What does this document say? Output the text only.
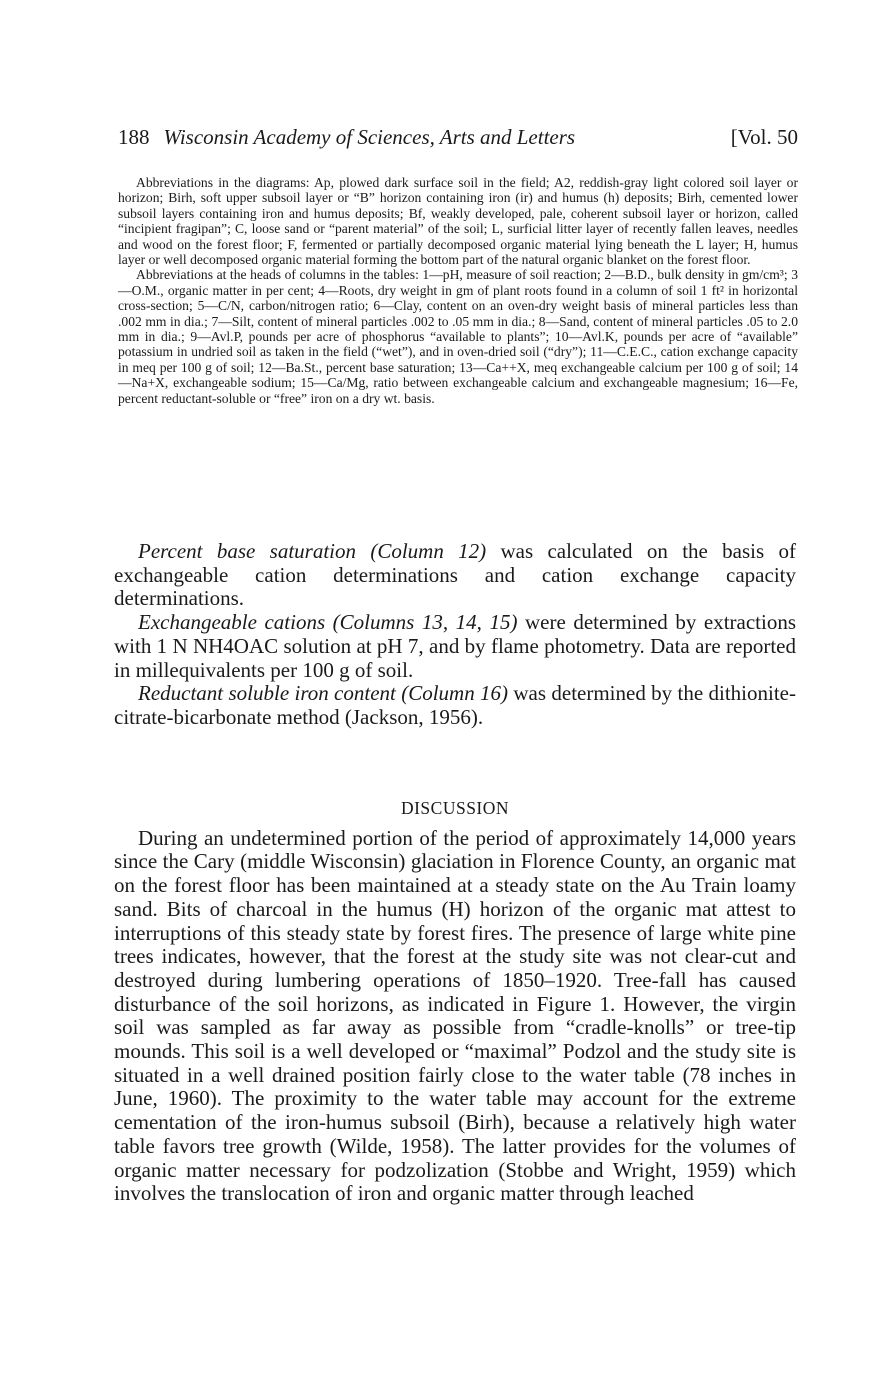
188 Wisconsin Academy of Sciences, Arts and Letters	[Vol. 50

Abbreviations in the diagrams: Ap, plowed dark surface soil in the field; A2, reddish-gray light colored soil layer or horizon; Birh, soft upper subsoil layer or “B” horizon containing iron (ir) and humus (h) deposits; Birh, cemented lower subsoil layers containing iron and humus deposits; Bf, weakly developed, pale, coherent subsoil layer or horizon, called “incipient fragipan”; C, loose sand or “parent material” of the soil; L, surficial litter layer of recently fallen leaves, needles and wood on the forest floor; F, fermented or partially decomposed organic material lying beneath the L layer; H, humus layer or well decomposed organic material forming the bottom part of the natural organic blanket on the forest floor.

Abbreviations at the heads of columns in the tables: 1—pH, measure of soil reaction; 2—B.D., bulk density in gm/cm³; 3—O.M., organic matter in per cent; 4—Roots, dry weight in gm of plant roots found in a column of soil 1 ft² in horizontal cross-section; 5—C/N, carbon/nitrogen ratio; 6—Clay, content on an oven-dry weight basis of mineral particles less than .002 mm in dia.; 7—Silt, content of mineral particles .002 to .05 mm in dia.; 8—Sand, content of mineral particles .05 to 2.0 mm in dia.; 9—Avl.P, pounds per acre of phosphorus “available to plants”; 10—Avl.K, pounds per acre of “available” potassium in undried soil as taken in the field (“wet”), and in oven-dried soil (“dry”); 11—C.E.C., cation exchange capacity in meq per 100 g of soil; 12—Ba.St., percent base saturation; 13—Ca++X, meq exchangeable calcium per 100 g of soil; 14—Na+X, exchangeable sodium; 15—Ca/Mg, ratio between exchangeable calcium and exchangeable magnesium; 16—Fe, percent reductant-soluble or “free” iron on a dry wt. basis.

Percent base saturation (Column 12) was calculated on the basis of exchangeable cation determinations and cation exchange capacity determinations.

Exchangeable cations (Columns 13, 14, 15) were determined by extractions with 1 N NH4OAC solution at pH 7, and by flame photometry. Data are reported in millequivalents per 100 g of soil.

Reductant soluble iron content (Column 16) was determined by the dithionite-citrate-bicarbonate method (Jackson, 1956).

DISCUSSION

During an undetermined portion of the period of approximately 14,000 years since the Cary (middle Wisconsin) glaciation in Florence County, an organic mat on the forest floor has been maintained at a steady state on the Au Train loamy sand. Bits of charcoal in the humus (H) horizon of the organic mat attest to interruptions of this steady state by forest fires. The presence of large white pine trees indicates, however, that the forest at the study site was not clear-cut and destroyed during lumbering operations of 1850–1920. Tree-fall has caused disturbance of the soil horizons, as indicated in Figure 1. However, the virgin soil was sampled as far away as possible from “cradle-knolls” or tree-tip mounds. This soil is a well developed or “maximal” Podzol and the study site is situated in a well drained position fairly close to the water table (78 inches in June, 1960). The proximity to the water table may account for the extreme cementation of the iron-humus subsoil (Birh), because a relatively high water table favors tree growth (Wilde, 1958). The latter provides for the volumes of organic matter necessary for podzolization (Stobbe and Wright, 1959) which involves the translocation of iron and organic matter through leached
